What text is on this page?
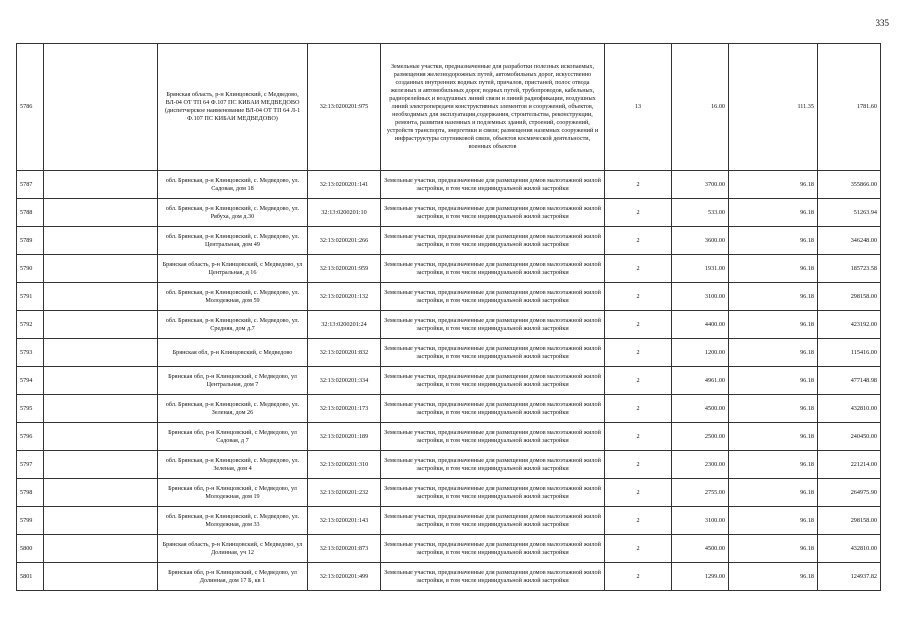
335
5786		Брянская область, р-н Клинцовский, с Медведово, ВЛ-04 ОТ ТП 64 Ф.107 ПС КИБАИ МЕДВЕДОВО (диспетчерское наименование ВЛ-04 ОТ ТП 64 Л-1 Ф.107 ПС КИБАИ МЕДВЕДОВО)	32:13:0200201:975	Земельные участки, предназначенные для разработки полезных ископаемых, размещения железнодорожных путей, автомобильных дорог, искусственно созданных внутренних водных путей, причалов, пристаней, полос отвода железных и автомобильных дорог, водных путей, трубопроводов, кабельных, радиорелейных и воздушных линий связи и линий радиофикации, воздушных линий электропередачи конструктивных элементов и сооружений, объектов, необходимых для эксплуатации,содержания, строительства, реконструкции, ремонта, развития наземных и подземных зданий, строений, сооружений, устройств транспорта, энергетики и связи; размещения наземных сооружений и инфраструктуры спутниковой связи, объектов космической деятельности, военных объектов	13	16.00	111.35	1781.60
5787		обл. Брянская, р-н Клинцовский, с. Медведово, ул. Садовая, дом 18	32:13:0200201:141	Земельные участки, предназначенные для размещения домов малоэтажной жилой застройки, в том числе индивидуальной жилой застройки	2	3700.00	96.18	355866.00
5788		обл. Брянская, р-н Клинцовский, с. Медведово, ул. Рябуха, дом д.30	32:13:0200201:10	Земельные участки, предназначенные для размещения домов малоэтажной жилой застройки, в том числе индивидуальной жилой застройки	2	533.00	96.18	51263.94
5789		обл. Брянская, р-н Клинцовский, с. Медведово, ул. Центральная, дом 49	32:13:0200201:266	Земельные участки, предназначенные для размещения домов малоэтажной жилой застройки, в том числе индивидуальной жилой застройки	2	3600.00	96.18	346248.00
5790		Брянская область, р-н Клинцовский, с Медведово, ул Центральная, д 16	32:13:0200201:959	Земельные участки, предназначенные для размещения домов малоэтажной жилой застройки, в том числе индивидуальной жилой застройки	2	1931.00	96.18	185723.58
5791		обл. Брянская, р-н Клинцовский, с. Медведово, ул. Молодежная, дом 59	32:13:0200201:132	Земельные участки, предназначенные для размещения домов малоэтажной жилой застройки, в том числе индивидуальной жилой застройки	2	3100.00	96.18	298158.00
5792		обл. Брянская, р-н Клинцовский, с. Медведово, ул. Средняя, дом д.7	32:13:0200201:24	Земельные участки, предназначенные для размещения домов малоэтажной жилой застройки, в том числе индивидуальной жилой застройки	2	4400.00	96.18	423192.00
5793		Брянская обл, р-н Клинцовский, с Медведово	32:13:0200201:832	Земельные участки, предназначенные для размещения домов малоэтажной жилой застройки, в том числе индивидуальной жилой застройки	2	1200.00	96.18	115416.00
5794		Брянская обл, р-н Клинцовский, с Медведово, ул Центральная, дом 7	32:13:0200201:334	Земельные участки, предназначенные для размещения домов малоэтажной жилой застройки, в том числе индивидуальной жилой застройки	2	4961.00	96.18	477148.98
5795		обл. Брянская, р-н Клинцовский, с. Медведово, ул. Зеленая, дом 26	32:13:0200201:173	Земельные участки, предназначенные для размещения домов малоэтажной жилой застройки, в том числе индивидуальной жилой застройки	2	4500.00	96.18	432810.00
5796		Брянская обл, р-н Клинцовский, с Медведово, ул Садовая, д 7	32:13:0200201:189	Земельные участки, предназначенные для размещения домов малоэтажной жилой застройки, в том числе индивидуальной жилой застройки	2	2500.00	96.18	240450.00
5797		обл. Брянская, р-н Клинцовский, с. Медведово, ул. Зеленая, дом 4	32:13:0200201:310	Земельные участки, предназначенные для размещения домов малоэтажной жилой застройки, в том числе индивидуальной жилой застройки	2	2300.00	96.18	221214.00
5798		Брянская обл, р-н Клинцовский, с Медведово, ул Молодежная, дом 19	32:13:0200201:232	Земельные участки, предназначенные для размещения домов малоэтажной жилой застройки, в том числе индивидуальной жилой застройки	2	2755.00	96.18	264975.90
5799		обл. Брянская, р-н Клинцовский, с. Медведово, ул. Молодежная, дом 33	32:13:0200201:143	Земельные участки, предназначенные для размещения домов малоэтажной жилой застройки, в том числе индивидуальной жилой застройки	2	3100.00	96.18	298158.00
5800		Брянская область, р-н Клинцовский, с Медведово, ул Долинная, уч 12	32:13:0200201:873	Земельные участки, предназначенные для размещения домов малоэтажной жилой застройки, в том числе индивидуальной жилой застройки	2	4500.00	96.18	432810.00
5801		Брянская обл, р-н Клинцовский, с Медведово, ул Долинная, дом 17 Б, кв 1	32:13:0200201:499	Земельные участки, предназначенные для размещения домов малоэтажной жилой застройки, в том числе индивидуальной жилой застройки	2	1299.00	96.18	124937.82
